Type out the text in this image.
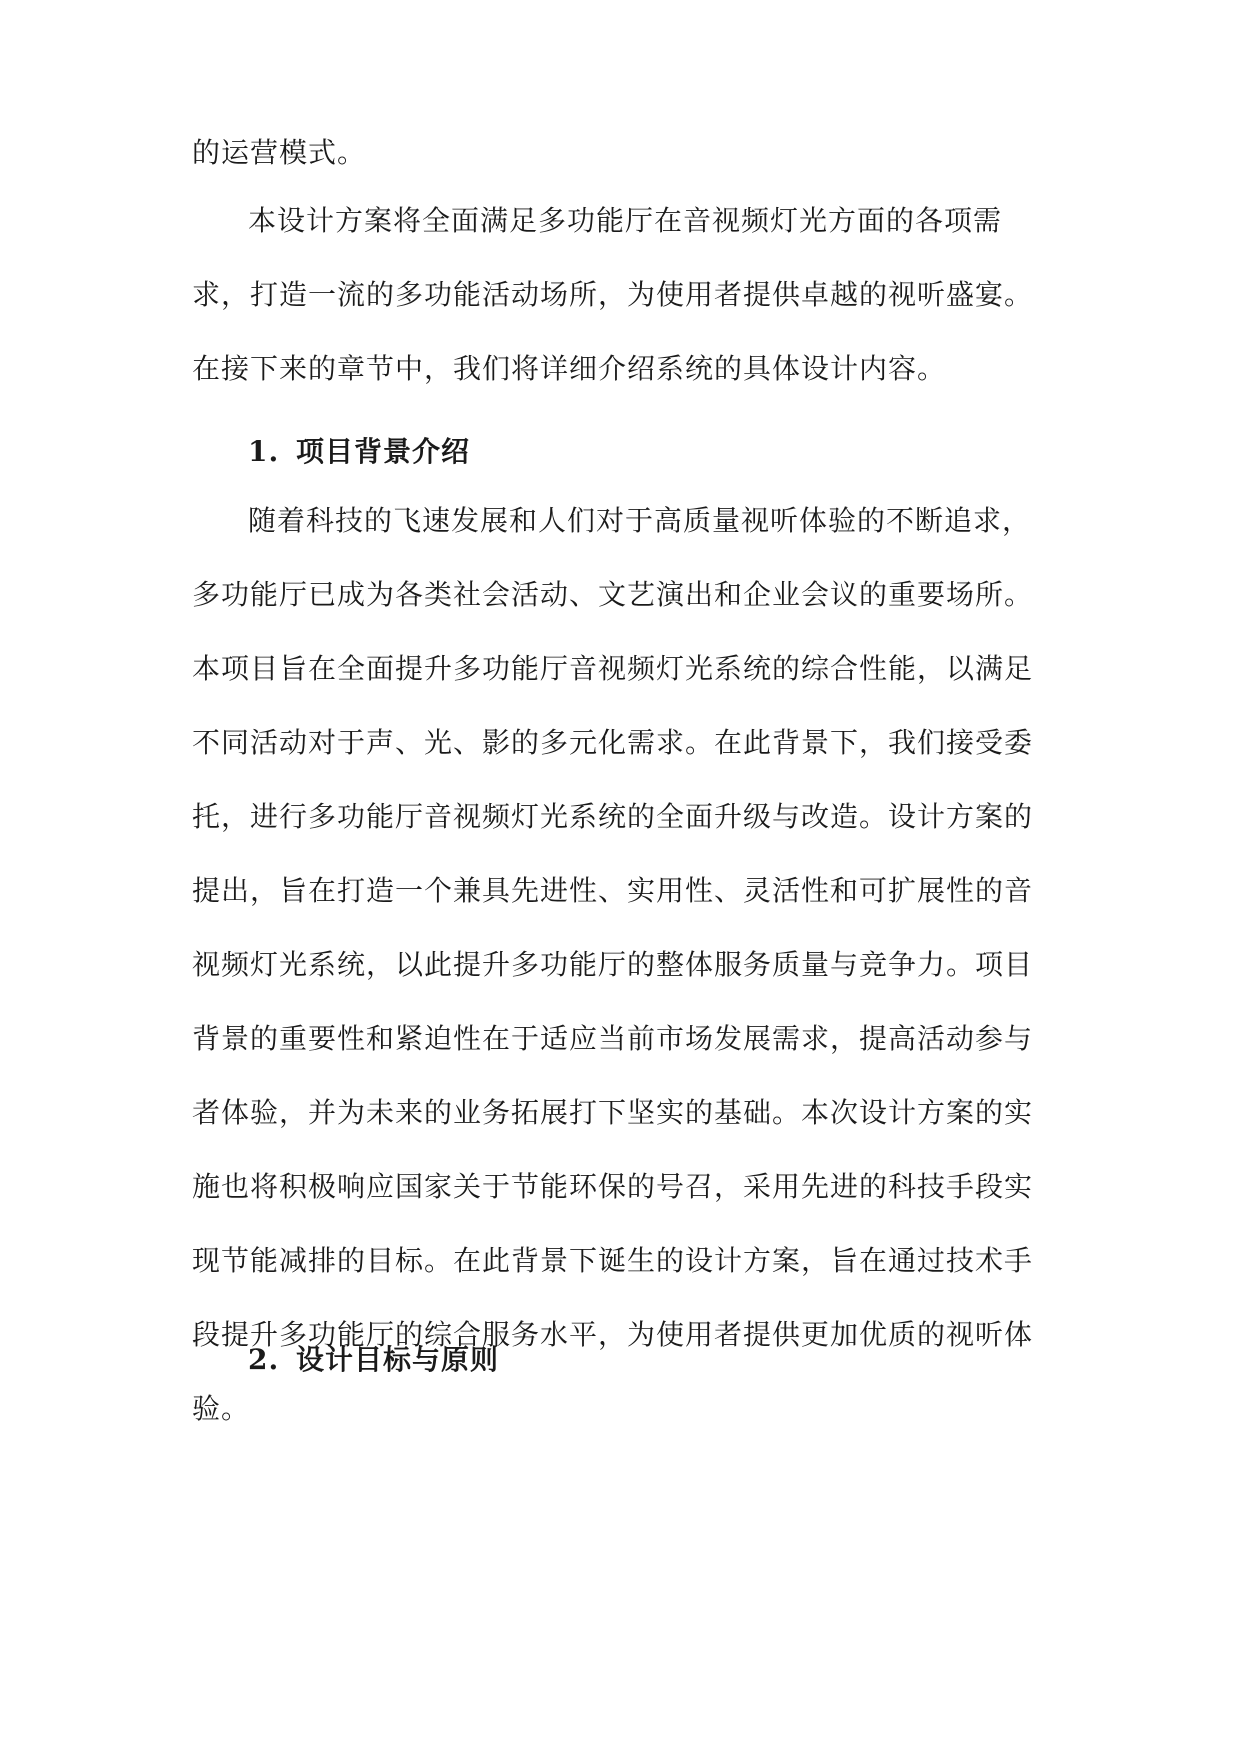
的运营模式。

本设计方案将全面满足多功能厅在音视频灯光方面的各项需求，打造一流的多功能活动场所，为使用者提供卓越的视听盛宴。在接下来的章节中，我们将详细介绍系统的具体设计内容。

1. 项目背景介绍

随着科技的飞速发展和人们对于高质量视听体验的不断追求，多功能厅已成为各类社会活动、文艺演出和企业会议的重要场所。本项目旨在全面提升多功能厅音视频灯光系统的综合性能，以满足不同活动对于声、光、影的多元化需求。在此背景下，我们接受委托，进行多功能厅音视频灯光系统的全面升级与改造。设计方案的提出，旨在打造一个兼具先进性、实用性、灵活性和可扩展性的音视频灯光系统，以此提升多功能厅的整体服务质量与竞争力。项目背景的重要性和紧迫性在于适应当前市场发展需求，提高活动参与者体验，并为未来的业务拓展打下坚实的基础。本次设计方案的实施也将积极响应国家关于节能环保的号召，采用先进的科技手段实现节能减排的目标。在此背景下诞生的设计方案，旨在通过技术手段提升多功能厅的综合服务水平，为使用者提供更加优质的视听体验。

2. 设计目标与原则
